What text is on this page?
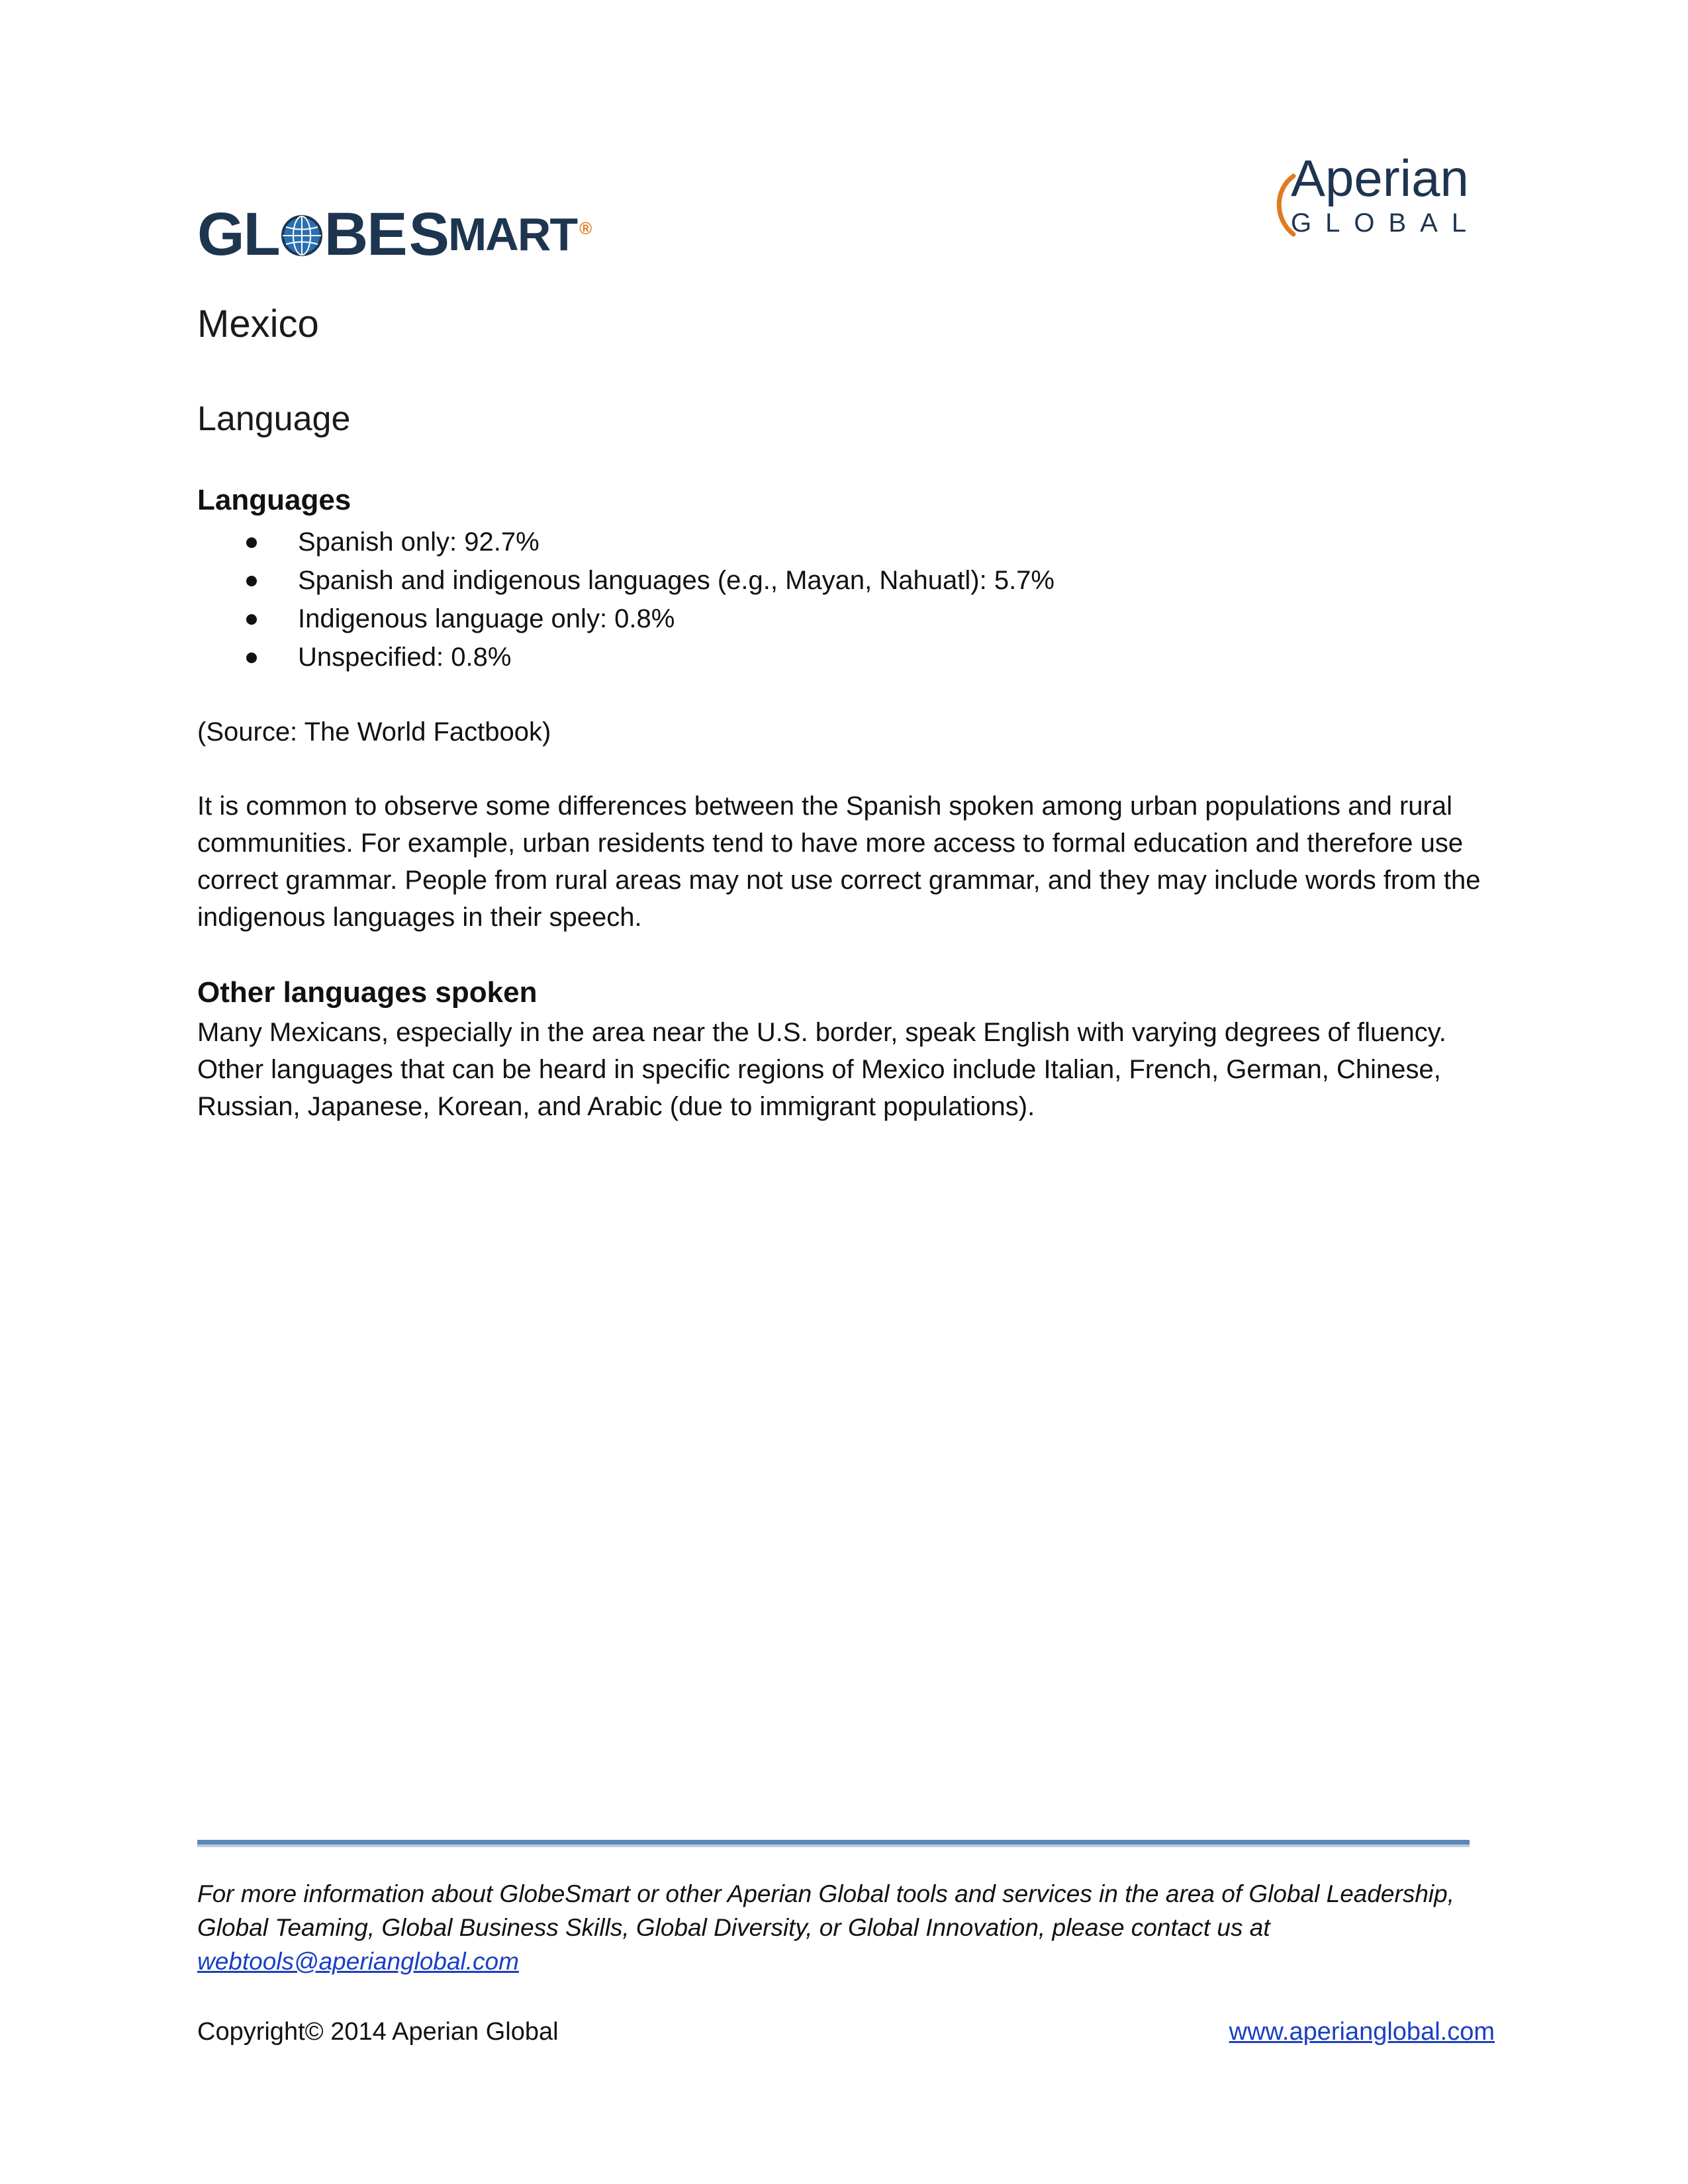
GL BE S MART ®
Aperian
GLOBAL
Mexico
Language
Languages
Spanish only: 92.7%
Spanish and indigenous languages (e.g., Mayan, Nahuatl): 5.7%
Indigenous language only: 0.8%
Unspecified: 0.8%

(Source: The World Factbook)

It is common to observe some differences between the Spanish spoken among urban populations and rural communities. For example, urban residents tend to have more access to formal education and therefore use correct grammar. People from rural areas may not use correct grammar, and they may include words from the indigenous languages in their speech.

Other languages spoken

Many Mexicans, especially in the area near the U.S. border, speak English with varying degrees of fluency. Other languages that can be heard in specific regions of Mexico include Italian, French, German, Chinese, Russian, Japanese, Korean, and Arabic (due to immigrant populations).

For more information about GlobeSmart or other Aperian Global tools and services in the area of Global Leadership, Global Teaming, Global Business Skills, Global Diversity, or Global Innovation, please contact us at
webtools@aperianglobal.com

Copyright© 2014 Aperian Global	www.aperianglobal.com
